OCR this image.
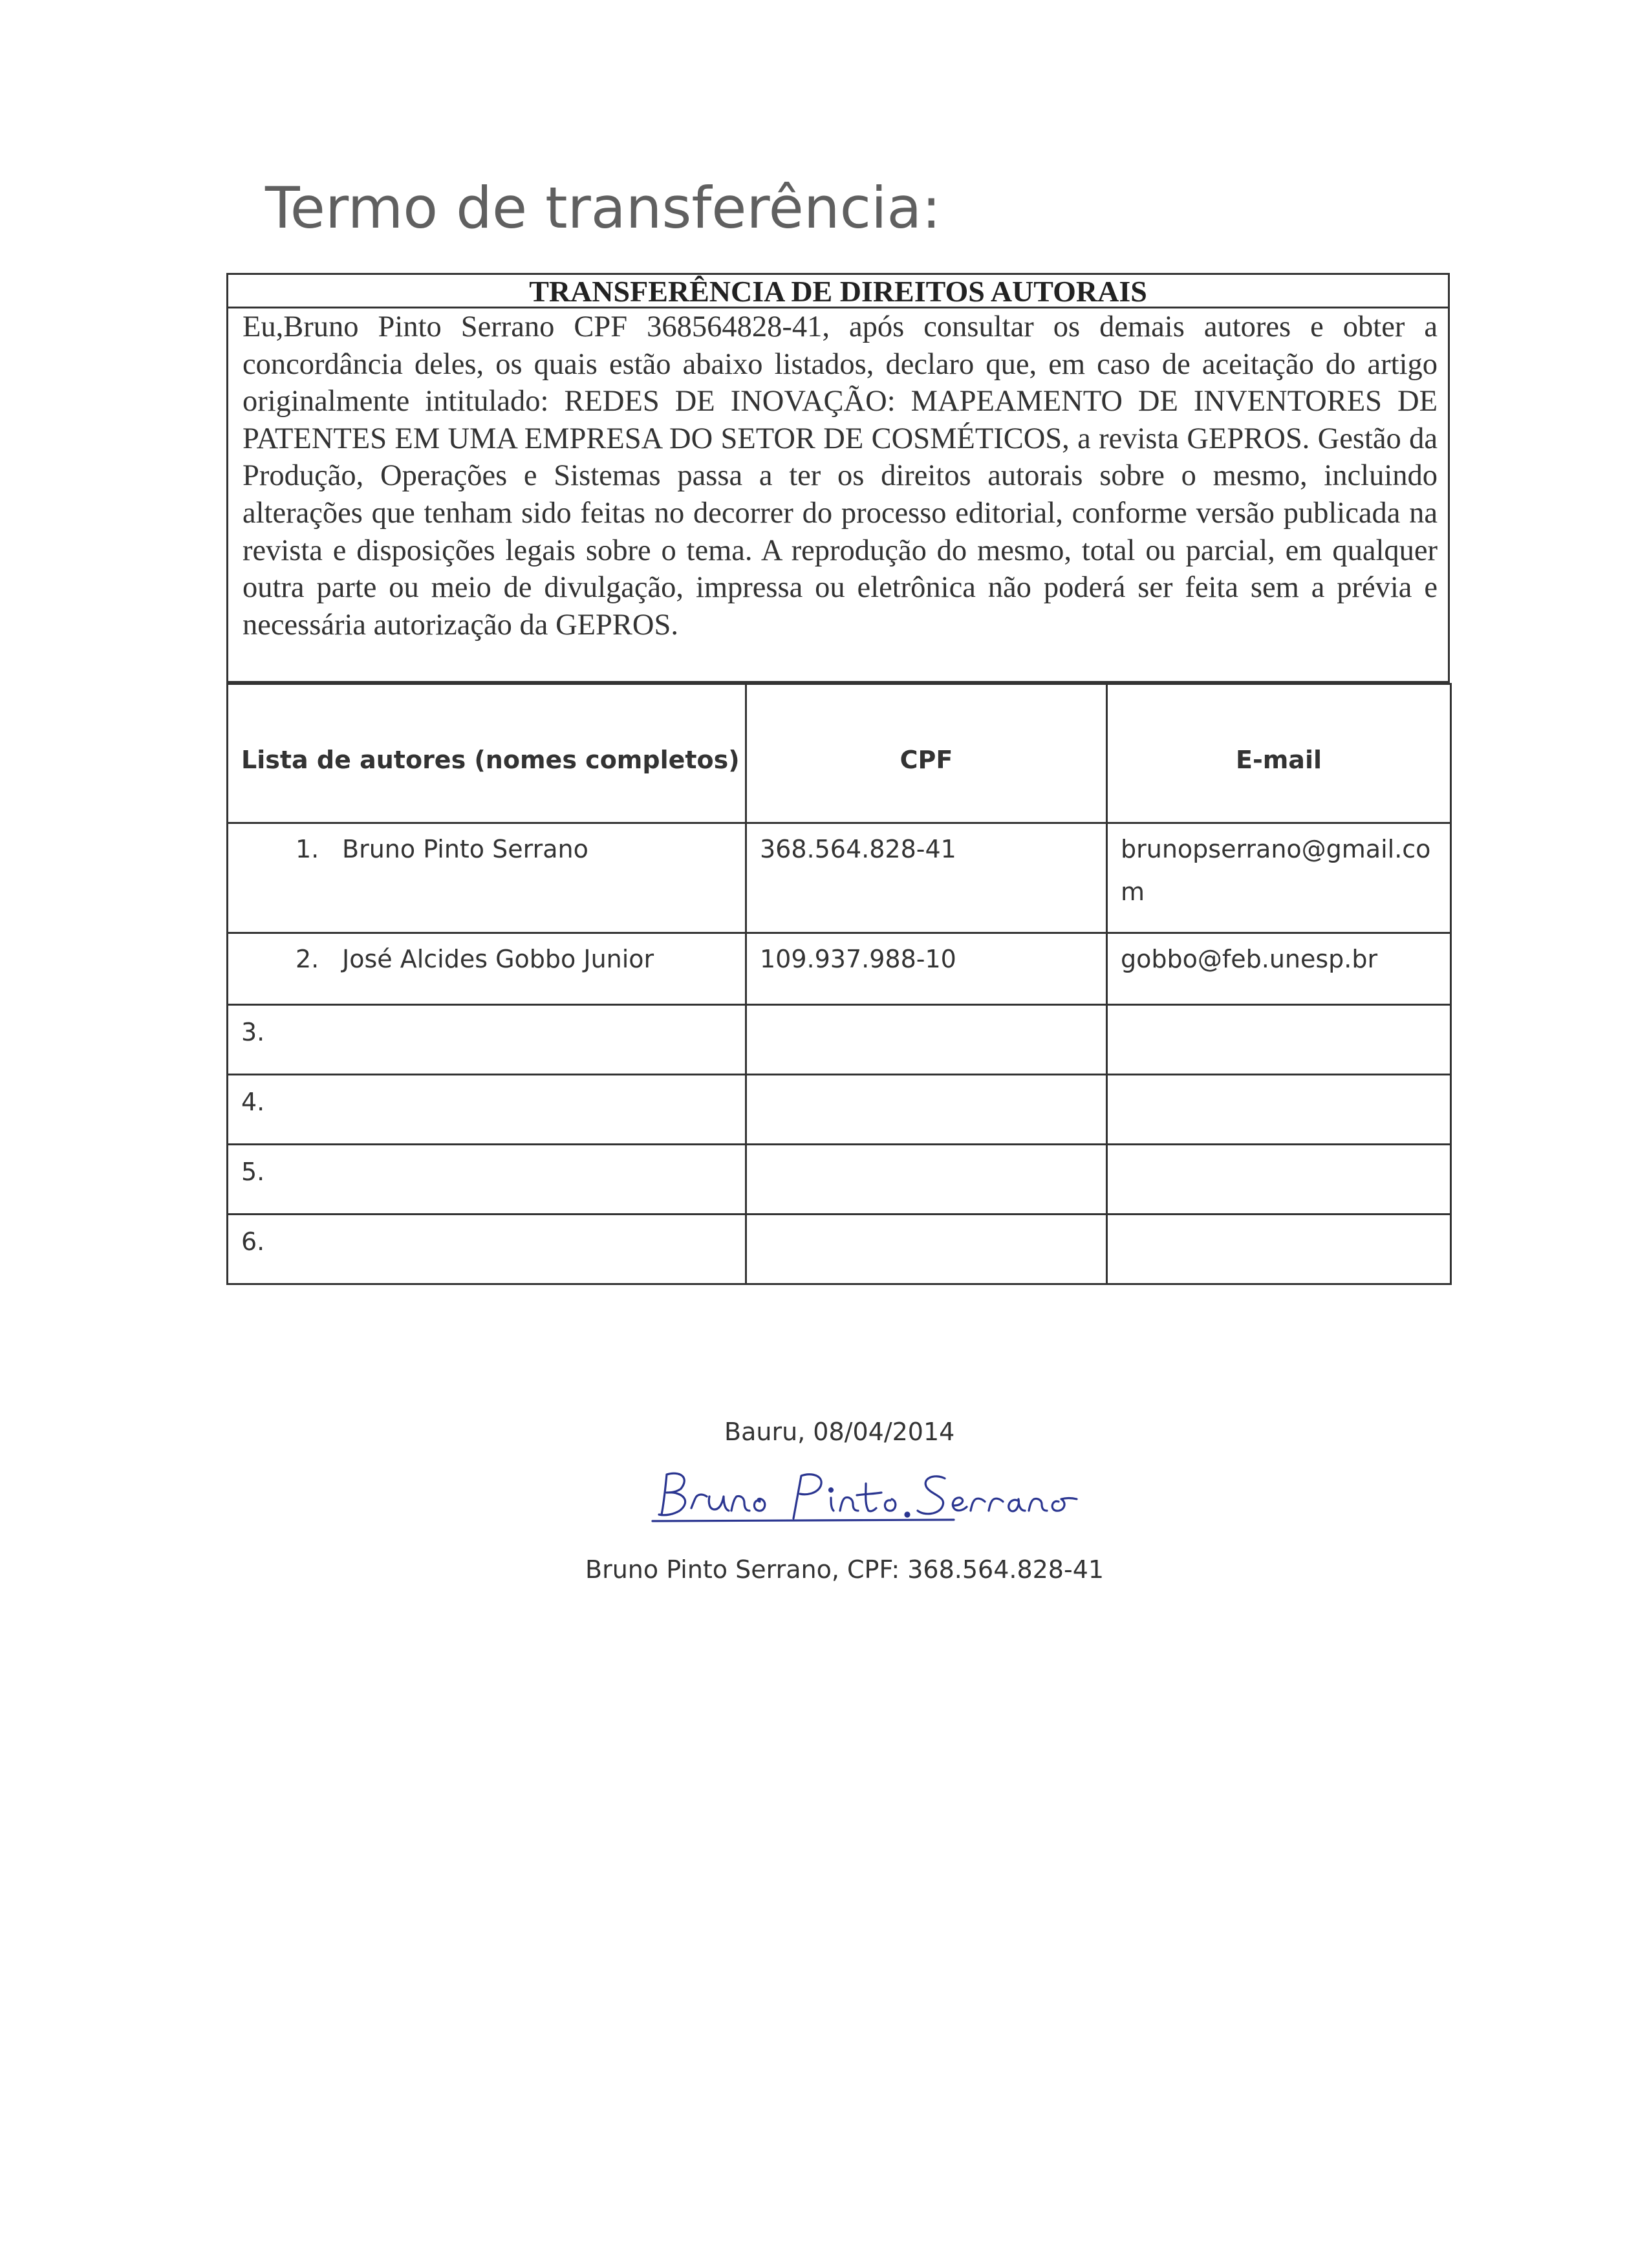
Termo de transferência:
TRANSFERÊNCIA DE DIREITOS AUTORAIS
Eu,Bruno Pinto Serrano CPF 368564828-41, após consultar os demais autores e obter a concordância deles, os quais estão abaixo listados, declaro que, em caso de aceitação do artigo originalmente intitulado: REDES DE INOVAÇÃO: MAPEAMENTO DE INVENTORES DE PATENTES EM UMA EMPRESA DO SETOR DE COSMÉTICOS, a revista GEPROS. Gestão da Produção, Operações e Sistemas passa a ter os direitos autorais sobre o mesmo, incluindo alterações que tenham sido feitas no decorrer do processo editorial, conforme versão publicada na revista e disposições legais sobre o tema. A reprodução do mesmo, total ou parcial, em qualquer outra parte ou meio de divulgação, impressa ou eletrônica não poderá ser feita sem a prévia e necessária autorização da GEPROS.
Lista de autores (nomes completos)	CPF	E-mail
1. Bruno Pinto Serrano	368.564.828-41	brunopserrano@gmail.com
2. José Alcides Gobbo Junior	109.937.988-10	gobbo@feb.unesp.br
3.		
4.		
5.		
6.		
Bauru, 08/04/2014
Bruno Pinto Serrano
Bruno Pinto Serrano, CPF: 368.564.828-41
